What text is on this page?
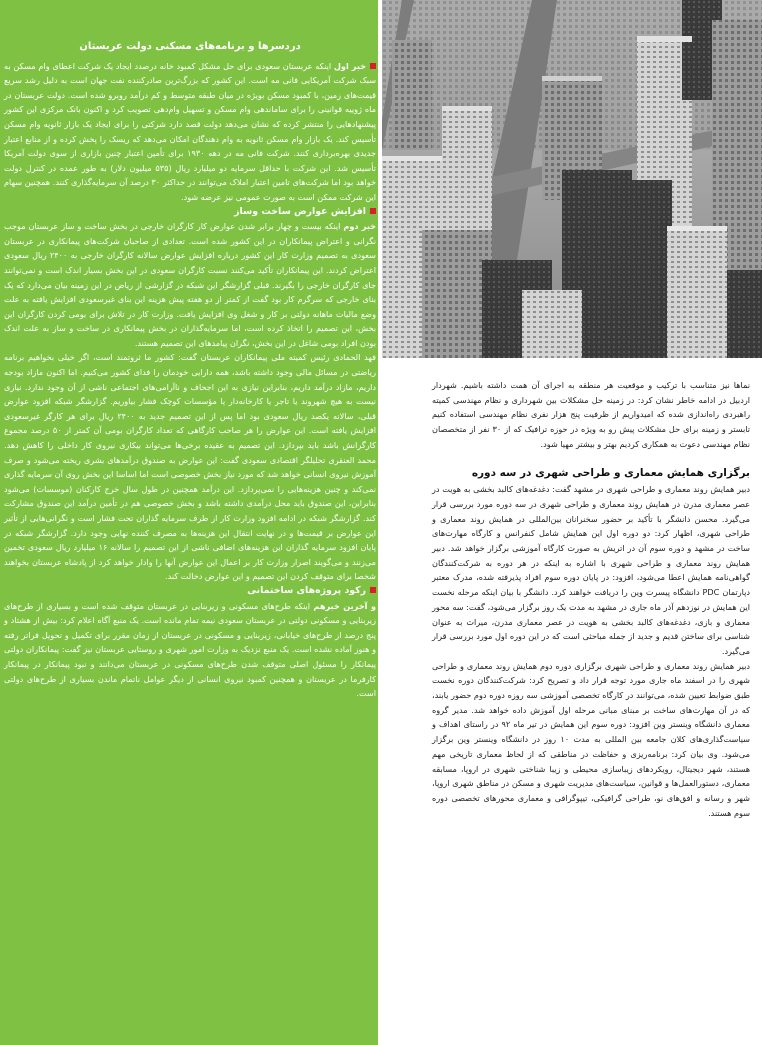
دردسرها و برنامه‌های مسکنی دولت عربستان

خبر اول اینکه عربستان سعودی برای حل مشکل کمبود خانه درصدد ایجاد یک شرکت اعطای وام مسکن به سبک شرکت آمریکایی فانی مه است. این کشور که بزرگ‌ترین صادرکننده نفت جهان است به دلیل رشد سریع قیمت‌های زمین، با کمبود مسکن بویژه در میان طبقه متوسط و کم درآمد روبرو شده است. دولت عربستان در ماه ژوییه قوانینی را برای ساماندهی وام مسکن و تسهیل وام‌دهی تصویب کرد و اکنون بانک مرکزی این کشور پیشنهادهایی را منتشر کرده که نشان می‌دهد دولت قصد دارد شرکتی را برای ایجاد یک بازار ثانویه وام مسکن تأسیس کند. یک بازار وام مسکن ثانویه به وام دهندگان امکان می‌دهد که ریسک را پخش کرده و از منابع اعتبار جدیدی بهره‌برداری کنند. شرکت فانی مه در دهه ۱۹۳۰ برای تأمین اعتبار چنین بازاری از سوی دولت آمریکا تأسیس شد. این شرکت با حداقل سرمایه دو میلیارد ریال (۵۳۵ میلیون دلار) به طور عمده در کنترل دولت خواهد بود اما شرکت‌های تامین اعتبار املاک می‌توانند در حداکثر ۳۰ درصد آن سرمایه‌گذاری کنند. همچنین سهام این شرکت ممکن است به صورت عمومی نیز عرضه شود.

افزایش عوارض ساخت وساز

خبر دوم اینکه بیست و چهار برابر شدن عوارض کار کارگران خارجی در بخش ساخت و ساز عربستان موجب نگرانی و اعتراض پیمانکاران در این کشور شده است. تعدادی از صاحبان شرکت‌های پیمانکاری در عربستان سعودی به تصمیم وزارت کار این کشور درباره افزایش عوارض سالانه کارگران خارجی به ۲۴۰۰ ریال سعودی اعتراض کردند. این پیمانکاران تأکید می‌کنند نسبت کارگران سعودی در این بخش بسیار اندک است و نمی‌توانند جای کارگران خارجی را بگیرند. قبلی گزارشگر این شبکه در گزارشی از ریاض در این زمینه بیان می‌دارد که یک بنای خارجی که سرگرم کار بود گفت از کمتر از دو هفته پیش هزینه این بنای غیرسعودی افزایش یافته به علت وضع مالیات ماهانه دولتی بر کار و شغل وی افزایش یافت. وزارت کار در تلاش برای بومی کردن کارگران این بخش، این تصمیم را اتخاذ کرده است، اما سرمایه‌گذاران در بخش پیمانکاری در ساخت و ساز به علت اندک بودن افراد بومی شاغل در این بخش، نگران پیامدهای این تصمیم هستند.

فهد الحمادی رئیس کمیته ملی پیمانکاران عربستان گفت: کشور ما ثروتمند است، اگر خیلی بخواهیم برنامه ریاضتی در مسائل مالی وجود داشته باشد، همه دارایی خودمان را فدای کشور می‌کنیم. اما اکنون مازاد بودجه داریم، مازاد درآمد داریم، بنابراین نیازی به این اجحاف و ناآرامی‌های اجتماعی ناشی از آن وجود ندارد. نیازی نیست به هیچ شهروند یا تاجر یا کارخانه‌دار یا مؤسسات کوچک فشار بیاوریم. گزارشگر شبکه افزود عوارض قبلی، سالانه یکصد ریال سعودی بود اما پس از این تصمیم جدید به ۲۴۰۰ ریال برای هر کارگر غیرسعودی افزایش یافته است. این عوارض را هر صاحب کارگاهی که تعداد کارگران بومی آن کمتر از ۵۰ درصد مجموع کارگرانش باشد باید بپردازد. این تصمیم به عقیده برخی‌ها می‌تواند بیکاری نیروی کار داخلی را کاهش دهد. محمد العنقری تحلیلگر اقتصادی سعودی گفت: این عوارض به صندوق درآمدهای بشری ریخته می‌شود و صرف آموزش نیروی انسانی خواهد شد که مورد نیاز بخش خصوصی است اما اساسا این بخش روی آن سرمایه گذاری نمی‌کند و چنین هزینه‌هایی را نمی‌پردازد. این درآمد همچنین در طول سال خرج کارکنان (موسسات) می‌شود بنابراین، این صندوق باید محل درآمدی داشته باشد و بخش خصوصی هم در تأمین درآمد این صندوق مشارکت کند. گزارشگر شبکه در ادامه افزود وزارت کار از طرف سرمایه گذاران تحت فشار است و نگرانی‌هایی از تأثیر این عوارض بر قیمت‌ها و در نهایت انتقال این هزینه‌ها به مصرف کننده نهایی وجود دارد. گزارشگر شبکه در پایان افزود سرمایه گذاران این هزینه‌های اضافی ناشی از این تصمیم را سالانه ۱۶ میلیارد ریال سعودی تخمین می‌زنند و می‌گویند اصرار وزارت کار بر اعمال این عوارض آنها را وادار خواهد کرد از پادشاه عربستان بخواهند شخصا برای متوقف کردن این تصمیم و این عوارض دخالت کند.

رکود پروژه‌های ساختمانی

و آخرین خبرهم اینکه طرح‌های مسکونی و زیربنایی در عربستان متوقف شده است و بسیاری از طرح‌های زیربنایی و مسکونی دولتی در عربستان سعودی نیمه تمام مانده است. یک منبع آگاه اعلام کرد: بیش از هشتاد و پنج درصد از طرح‌های خیابانی، زیربنایی و مسکونی در عربستان از زمان مقرر برای تکمیل و تحویل فراتر رفته و هنوز آماده نشده است. یک منبع نزدیک به وزارت امور شهری و روستایی عربستان نیز گفت: پیمانکاران دولتی پیمانکار را مسئول اصلی متوقف شدن طرح‌های مسکونی در عربستان می‌دانند و نبود پیمانکار در پیمانکار کارفرما در عربستان و همچنین کمبود نیروی انسانی از دیگر عوامل ناتمام ماندن بسیاری از طرح‌های دولتی است.

نماها نیز متناسب با ترکیب و موقعیت هر منطقه به اجرای آن همت داشته باشیم. شهردار اردبیل در ادامه خاطر نشان کرد: در زمینه حل مشکلات بین شهرداری و نظام مهندسی کمیته راهبردی راه‌اندازی شده که امیدواریم از ظرفیت پنج هزار نفری نظام مهندسی استفاده کنیم تابستر و زمینه برای حل مشکلات پیش رو به ویژه در حوزه ترافیک که از ۳۰ نفر از متخصصان نظام مهندسی دعوت به همکاری کردیم بهتر و بیشتر مهیا شود.

برگزاری همایش معماری و طراحی شهری در سه دوره

دبیر همایش روند معماری و طراحی شهری در مشهد گفت: دغدغه‌های کالبد بخشی به هویت در عصر معماری مدرن در همایش روند معماری و طراحی شهری در سه دوره مورد بررسی قرار می‌گیرد. محسن دانشگر با تأکید بر حضور سخنرانان بین‌المللی در همایش روند معماری و طراحی شهری، اظهار کرد: دو دوره اول این همایش شامل کنفرانس و کارگاه مهارت‌های ساخت در مشهد و دوره سوم آن در اتریش به صورت کارگاه آموزشی برگزار خواهد شد. دبیر همایش روند معماری و طراحی شهری با اشاره به اینکه در هر دوره به شرکت‌کنندگان گواهی‌نامه همایش اعطا می‌شود، افزود: در پایان دوره سوم افراد پذیرفته شده، مدرک معتبر دپارتمان PDC دانشگاه پیسرت وین را دریافت خواهند کرد. دانشگر با بیان اینکه مرحله نخست این همایش در نوزدهم آذر ماه جاری در مشهد به مدت یک روز برگزار می‌شود، گفت: سه محور معماری و بازی، دغدغه‌های کالبد بخشی به هویت در عصر معماری مدرن، میراث به عنوان شناسی برای ساختن قدیم و جدید از جمله مباحثی است که در این دوره اول مورد بررسی قرار می‌گیرد.

دبیر همایش روند معماری و طراحی شهری برگزاری دوره دوم همایش روند معماری و طراحی شهری را در اسفند ماه جاری مورد توجه قرار داد و تصریح کرد: شرکت‌کنندگان دوره نخست طبق ضوابط تعیین شده، می‌توانند در کارگاه تخصصی آموزشی سه روزه دوره دوم حضور یابند، که در آن مهارت‌های ساخت بر مبنای مبانی مرحله اول آموزش داده خواهد شد. مدیر گروه معماری دانشگاه وینستر وین افزود: دوره سوم این همایش در تیر ماه ۹۲ در راستای اهداف و سیاست‌گذاری‌های کلان جامعه بین المللی به مدت ۱۰ روز در دانشگاه وینستر وین برگزار می‌شود. وی بیان کرد: برنامه‌ریزی و حفاظت در مناطقی که از لحاظ معماری تاریخی مهم هستند، شهر دیجیتال، رویکردهای زیباسازی محیطی و زیبا شناختی شهری در اروپا، مسابقه معماری، دستورالعمل‌ها و قوانین، سیاست‌های مدیریت شهری و مسکن در مناطق شهری اروپا، شهر و رسانه و افق‌های نو، طراحی گرافیکی، تیپوگرافی و معماری محورهای تخصصی دوره سوم هستند.
